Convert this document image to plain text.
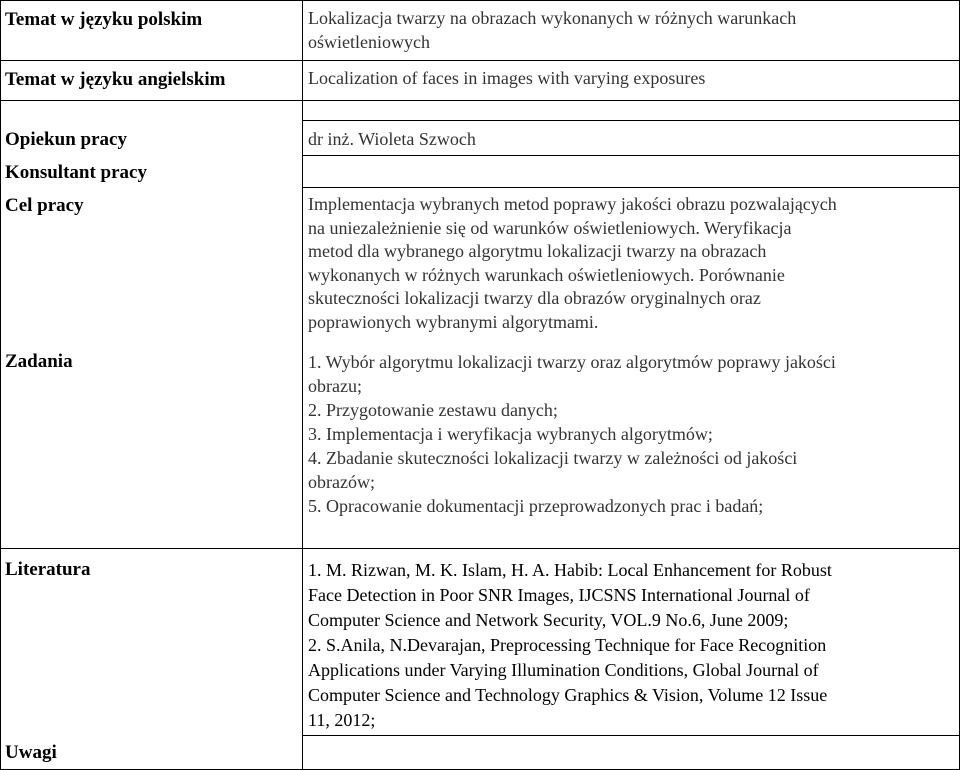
Temat w języku polskim	Lokalizacja twarzy na obrazach wykonanych w różnych warunkach
oświetleniowych
Temat w języku angielskim	Localization of faces in images with varying exposures
Opiekun pracy	dr inż. Wioleta Szwoch
Konsultant pracy
Cel pracy	Implementacja wybranych metod poprawy jakości obrazu pozwalających
na uniezależnienie się od warunków oświetleniowych. Weryfikacja
metod dla wybranego algorytmu lokalizacji twarzy na obrazach
wykonanych w różnych warunkach oświetleniowych. Porównanie
skuteczności lokalizacji twarzy dla obrazów oryginalnych oraz
poprawionych wybranymi algorytmami.
Zadania	1. Wybór algorytmu lokalizacji twarzy oraz algorytmów poprawy jakości
obrazu;
2. Przygotowanie zestawu danych;
3. Implementacja i weryfikacja wybranych algorytmów;
4. Zbadanie skuteczności lokalizacji twarzy w zależności od jakości
obrazów;
5. Opracowanie dokumentacji przeprowadzonych prac i badań;
Literatura	1. M. Rizwan, M. K. Islam, H. A. Habib: Local Enhancement for Robust
Face Detection in Poor SNR Images, IJCSNS International Journal of
Computer Science and Network Security, VOL.9 No.6, June 2009;
2. S.Anila, N.Devarajan, Preprocessing Technique for Face Recognition
Applications under Varying Illumination Conditions, Global Journal of
Computer Science and Technology Graphics & Vision, Volume 12 Issue
11, 2012;
Uwagi
